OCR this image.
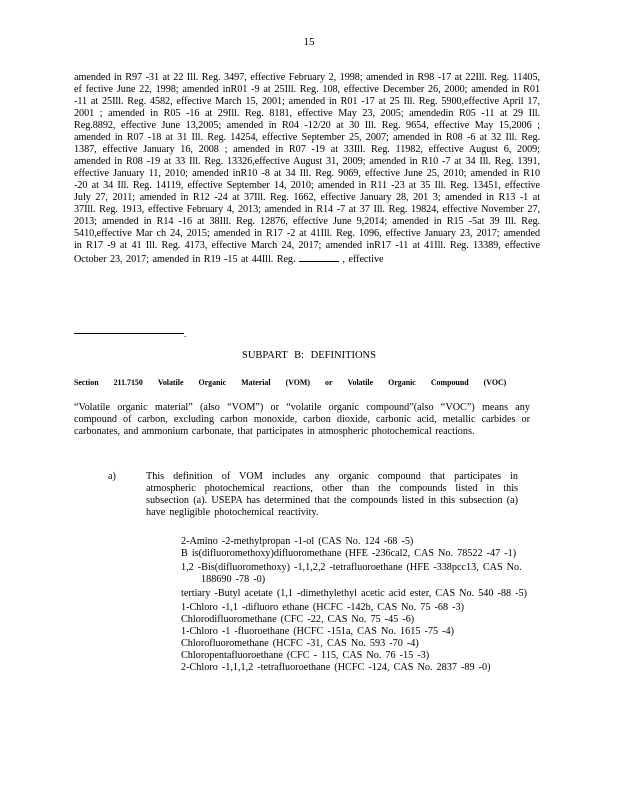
15

amended in R97 -31 at 22 Ill. Reg. 3497, effective February 2, 1998; amended in R98 -17 at 22Ill. Reg. 11405, ef fective June 22, 1998; amended inR01 -9 at 25Ill. Reg. 108, effective December 26, 2000; amended in R01 -11 at 25Ill. Reg. 4582, effective March 15, 2001; amended in R01 -17 at 25 Ill. Reg. 5900,effective April 17, 2001 ; amended in R05 -16 at 29Ill. Reg. 8181, effective May 23, 2005; amendedin R05 -11 at 29 Ill. Reg.8892, effective June 13,2005; amended in R04 -12/20 at 30 Ill. Reg. 9654, effective May 15,2006 ; amended in R07 -18 at 31 Ill. Reg. 14254, effective September 25, 2007; amended in R08 -6 at 32 Ill. Reg. 1387, effective January 16, 2008 ; amended in R07 -19 at 33Ill. Reg. 11982, effective August 6, 2009; amended in R08 -19 at 33 Ill. Reg. 13326,effective August 31, 2009; amended in R10 -7 at 34 Ill. Reg. 1391, effective January 11, 2010; amended inR10 -8 at 34 Ill. Reg. 9069, effective June 25, 2010; amended in R10 -20 at 34 Ill. Reg. 14119, effective September 14, 2010; amended in R11 -23 at 35 Ill. Reg. 13451, effective July 27, 2011; amended in R12 -24 at 37Ill. Reg. 1662, effective January 28, 201 3; amended in R13 -1 at 37Ill. Reg. 1913, effective February 4, 2013; amended in R14 -7 at 37 Ill. Reg. 19824, effective November 27, 2013; amended in R14 -16 at 38Ill. Reg. 12876, effective June 9,2014; amended in R15 -5at 39 Ill. Reg. 5410,effective Mar ch 24, 2015; amended in R17 -2 at 41Ill. Reg. 1096, effective January 23, 2017; amended in R17 -9 at 41 Ill. Reg. 4173, effective March 24, 2017; amended inR17 -11 at 41Ill. Reg. 13389, effective October 23, 2017; amended in R19 -15 at 44Ill. Reg.	, effective

.
SUBPART B: DEFINITIONS
Section 211.7150 Volatile Organic Material (VOM) or Volatile Organic Compound (VOC)
“Volatile organic material” (also “VOM”) or “volatile organic compound”(also “VOC”) means any compound of carbon, excluding carbon monoxide, carbon dioxide, carbonic acid, metallic carbides or carbonates, and ammonium carbonate, that participates in atmospheric photochemical reactions.
a)	This definition of VOM includes any organic compound that participates in atmospheric photochemical reactions, other than the compounds listed in this subsection (a). USEPA has determined that the compounds listed in this subsection (a) have negligible photochemical reactivity.

2-Amino -2-methylpropan -1-ol (CAS No. 124 -68 -5)

B is(difluoromethoxy)difluoromethane (HFE -236cal2, CAS No. 78522 -47 -1)

1,2 -Bis(difluoromethoxy) -1,1,2,2 -tetrafluoroethane (HFE -338pcc13, CAS No. 188690 -78 -0)

tertiary -Butyl acetate (1,1 -dimethylethyl acetic acid ester, CAS No. 540 -88 -5)

1-Chloro -1,1 -difluoro ethane (HCFC -142b, CAS No. 75 -68 -3)

Chlorodifluoromethane (CFC -22, CAS No. 75 -45 -6)

1-Chloro -1 -fluoroethane (HCFC -151a, CAS No. 1615 -75 -4)

Chlorofluoromethane (HCFC -31, CAS No. 593 -70 -4)

Chloropentafluoroethane (CFC - 115, CAS No. 76 -15 -3)

2-Chloro -1,1,1,2 -tetrafluoroethane (HCFC -124, CAS No. 2837 -89 -0)
